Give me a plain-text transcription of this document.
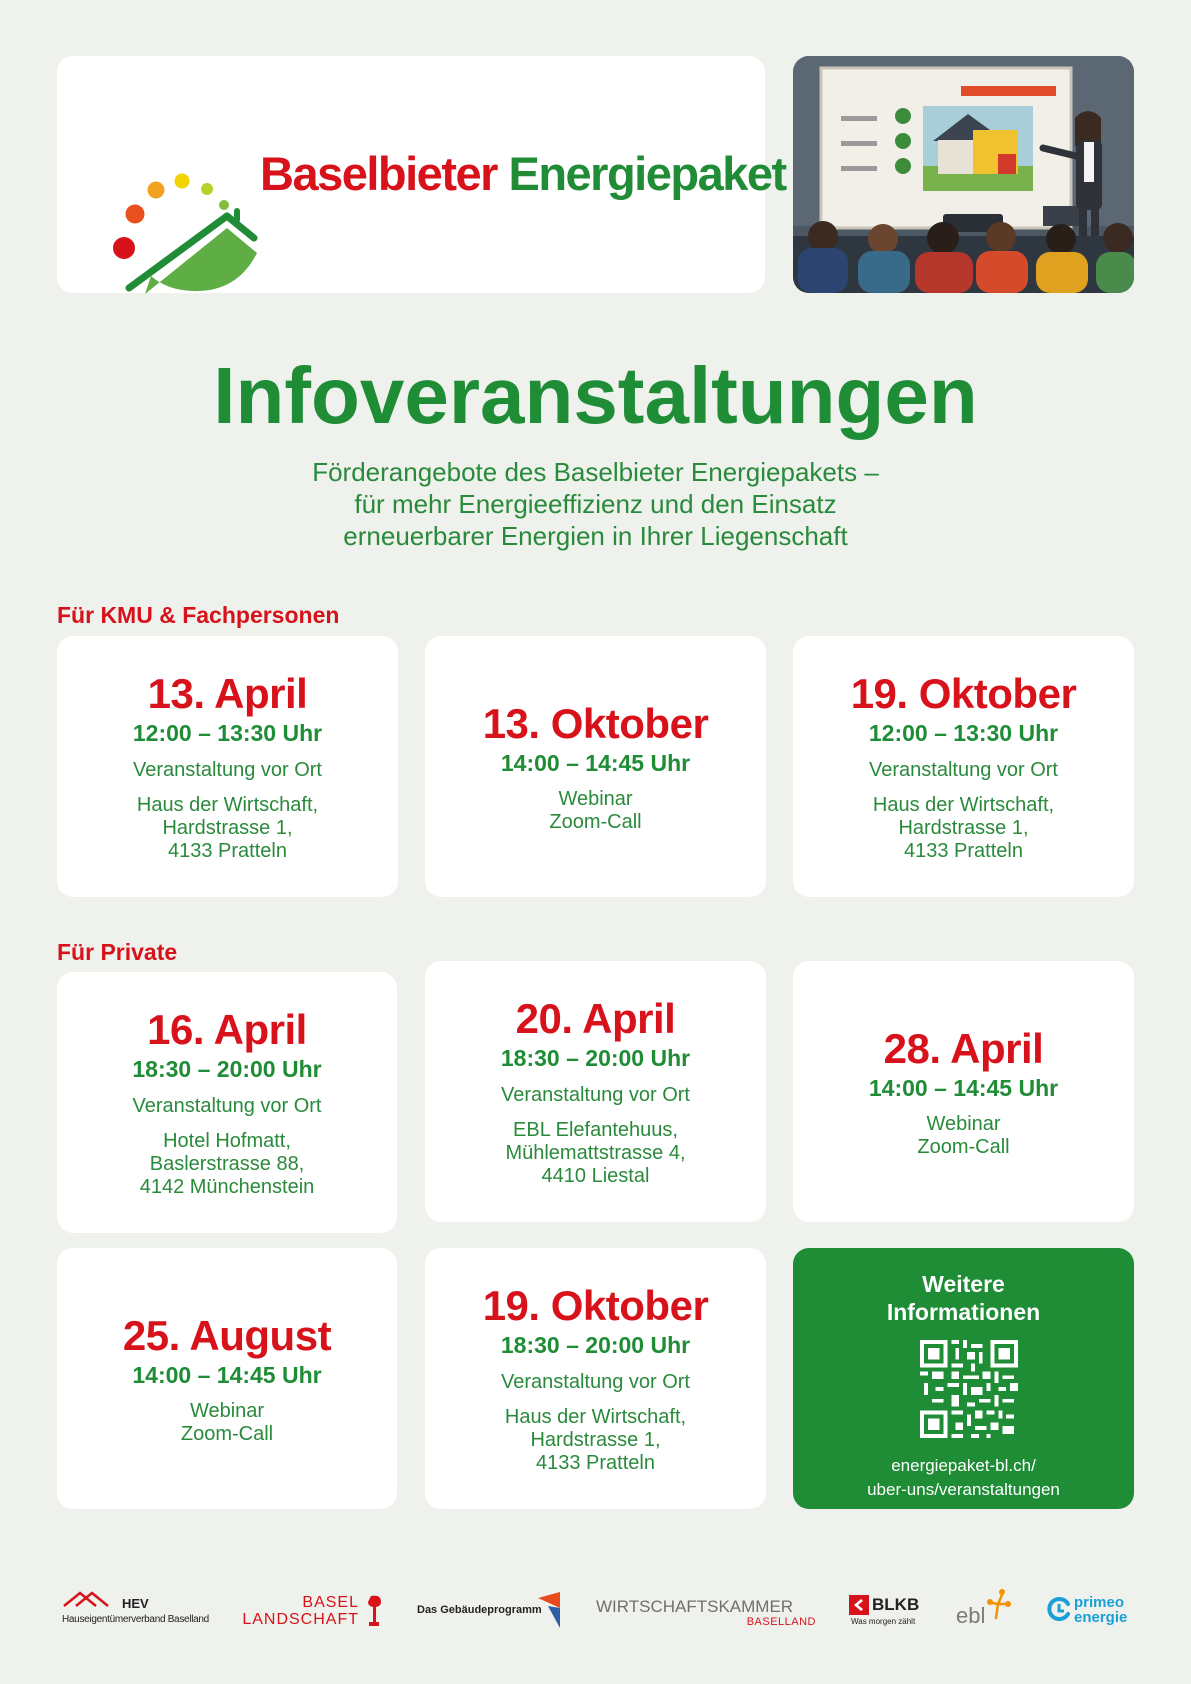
Baselbieter Energiepaket
Infoveranstaltungen
Förderangebote des Baselbieter Energiepakets –
für mehr Energieeffizienz und den Einsatz
erneuerbarer Energien in Ihrer Liegenschaft
Für KMU & Fachpersonen
13. April
12:00 – 13:30 Uhr
Veranstaltung vor Ort
Haus der Wirtschaft,
Hardstrasse 1,
4133 Pratteln
13. Oktober
14:00 – 14:45 Uhr
Webinar
Zoom-Call
19. Oktober
12:00 – 13:30 Uhr
Veranstaltung vor Ort
Haus der Wirtschaft,
Hardstrasse 1,
4133 Pratteln
Für Private
16. April
18:30 – 20:00 Uhr
Veranstaltung vor Ort
Hotel Hofmatt,
Baslerstrasse 88,
4142 Münchenstein
20. April
18:30 – 20:00 Uhr
Veranstaltung vor Ort
EBL Elefantehuus,
Mühlemattstrasse 4,
4410 Liestal
28. April
14:00 – 14:45 Uhr
Webinar
Zoom-Call
25. August
14:00 – 14:45 Uhr
Webinar
Zoom-Call
19. Oktober
18:30 – 20:00 Uhr
Veranstaltung vor Ort
Haus der Wirtschaft,
Hardstrasse 1,
4133 Pratteln
Weitere
Informationen
energiepaket-bl.ch/
uber-uns/veranstaltungen
HEV
Hauseigentümerverband Baselland
BASEL
LANDSCHAFT
Das Gebäudeprogramm	WIRTSCHAFTSKAMMER
BASELLAND
BLKB
Was morgen zählt ebl
primeo
energie
